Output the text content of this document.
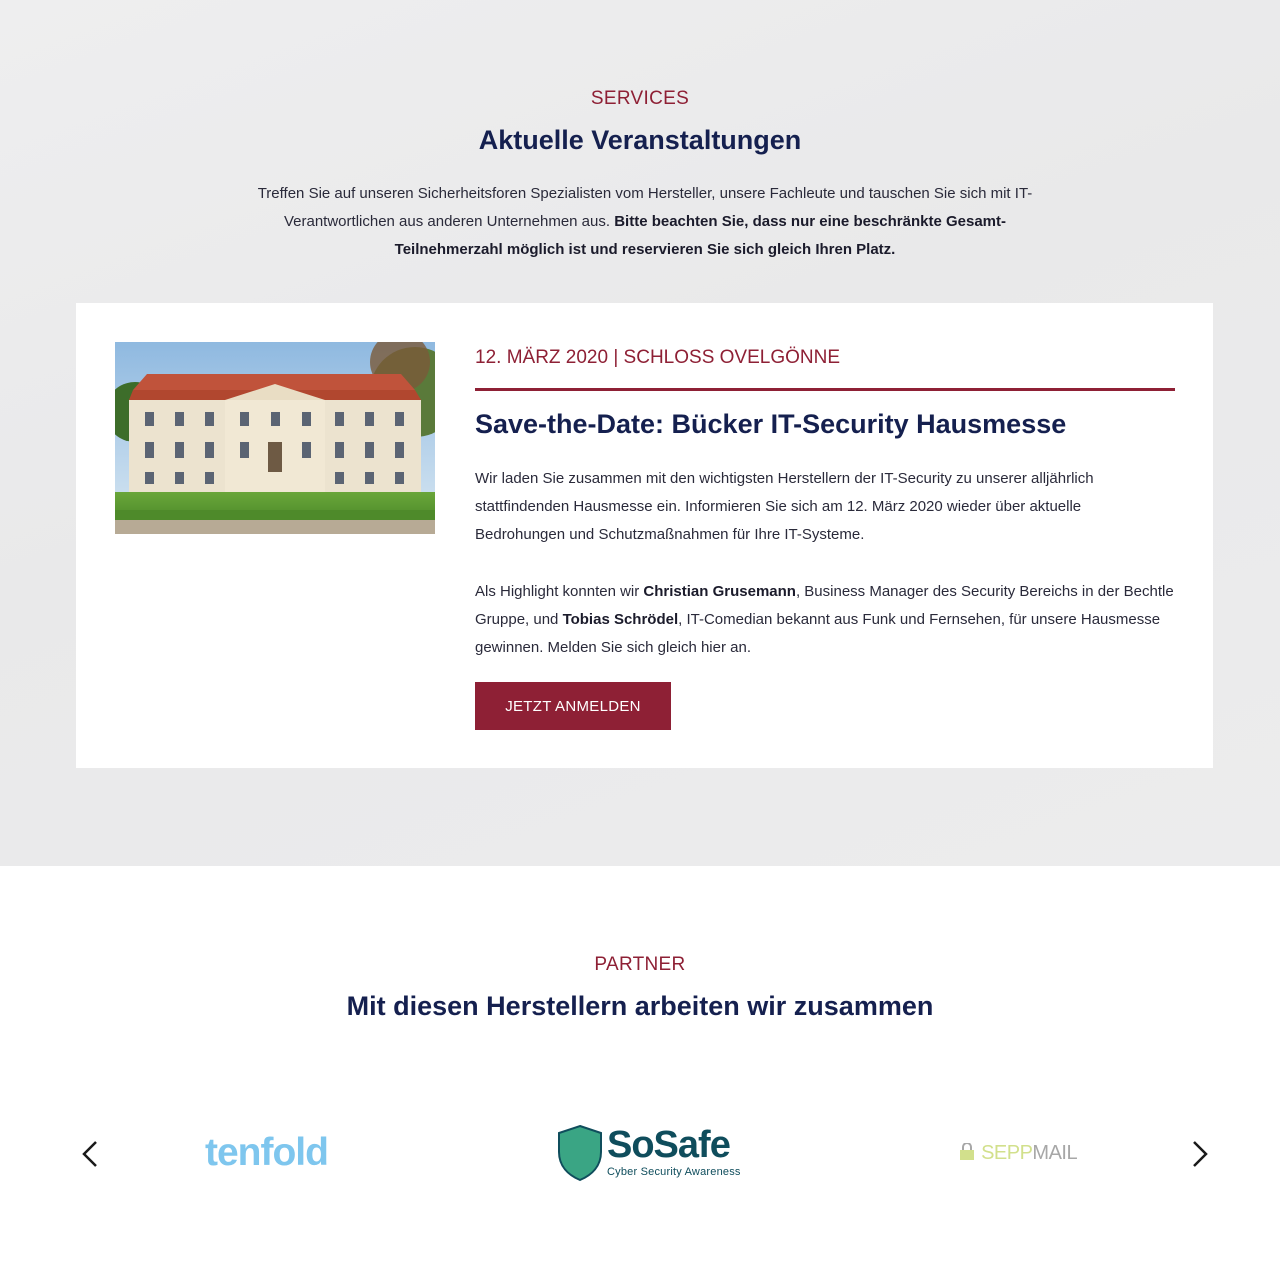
SERVICES
Aktuelle Veranstaltungen

Treffen Sie auf unseren Sicherheitsforen Spezialisten vom Hersteller, unsere Fachleute und tauschen Sie sich mit IT-Verantwortlichen aus anderen Unternehmen aus. Bitte beachten Sie, dass nur eine beschränkte Gesamt-Teilnehmerzahl möglich ist und reservieren Sie sich gleich Ihren Platz.

12. MÄRZ 2020 | SCHLOSS OVELGÖNNE
Save-the-Date: Bücker IT-Security Hausmesse

Wir laden Sie zusammen mit den wichtigsten Herstellern der IT-Security zu unserer alljährlich stattfindenden Hausmesse ein. Informieren Sie sich am 12. März 2020 wieder über aktuelle Bedrohungen und Schutzmaßnahmen für Ihre IT-Systeme.

Als Highlight konnten wir Christian Grusemann, Business Manager des Security Bereichs in der Bechtle Gruppe, und Tobias Schrödel, IT-Comedian bekannt aus Funk und Fernsehen, für unsere Hausmesse gewinnen. Melden Sie sich gleich hier an.

JETZT ANMELDEN
PARTNER
Mit diesen Herstellern arbeiten wir zusammen
tenfold	SoSafe
Cyber Security Awareness
SEPPMAIL
